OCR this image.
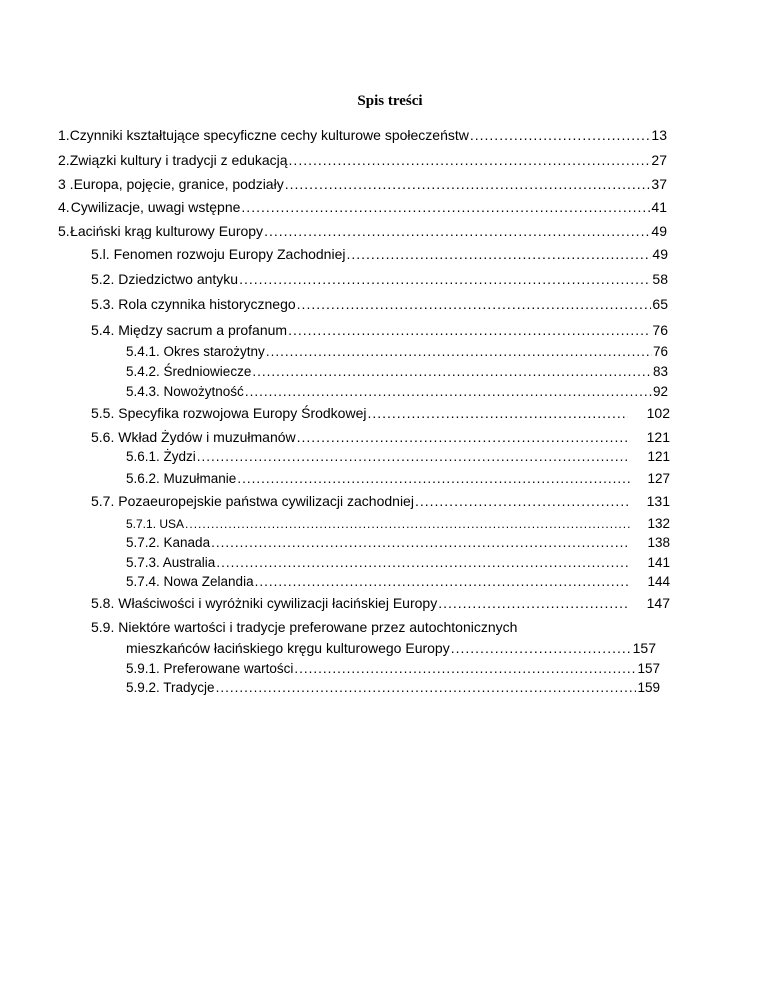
Spis treści
1. Czynniki kształtujące specyficzne cechy kulturowe społeczeństw .....	13
2. Związki kultury i tradycji z edukacją .....	27
3 . Europa, pojęcie, granice, podziały .....	37
4. Cywilizacje, uwagi wstępne .....	41
5. Łaciński krąg kulturowy Europy .....	49
5.l. Fenomen rozwoju Europy Zachodniej .....	49
5.2. Dziedzictwo antyku .....	58
5.3. Rola czynnika historycznego .....	65
5.4. Między sacrum a profanum .....	76
5.4.1. Okres starożytny .....	76
5.4.2. Średniowiecze .....	83
5.4.3. Nowożytność .....	92
5.5. Specyfika rozwojowa Europy Środkowej .....	102
5.6. Wkład Żydów i muzułmanów .....	121
5.6.1. Żydzi .....	121
5.6.2. Muzułmanie .....	127
5.7. Pozaeuropejskie państwa cywilizacji zachodniej .....	131
5.7.1. USA .....	132
5.7.2. Kanada .....	138
5.7.3. Australia .....	141
5.7.4. Nowa Zelandia .....	144
5.8. Właściwości i wyróżniki cywilizacji łacińskiej Europy .....	147
5.9. Niektóre wartości i tradycje preferowane przez autochtonicznych
mieszkańców łacińskiego kręgu kulturowego Europy .....	157
5.9.1. Preferowane wartości .....	157
5.9.2. Tradycje .....	159
